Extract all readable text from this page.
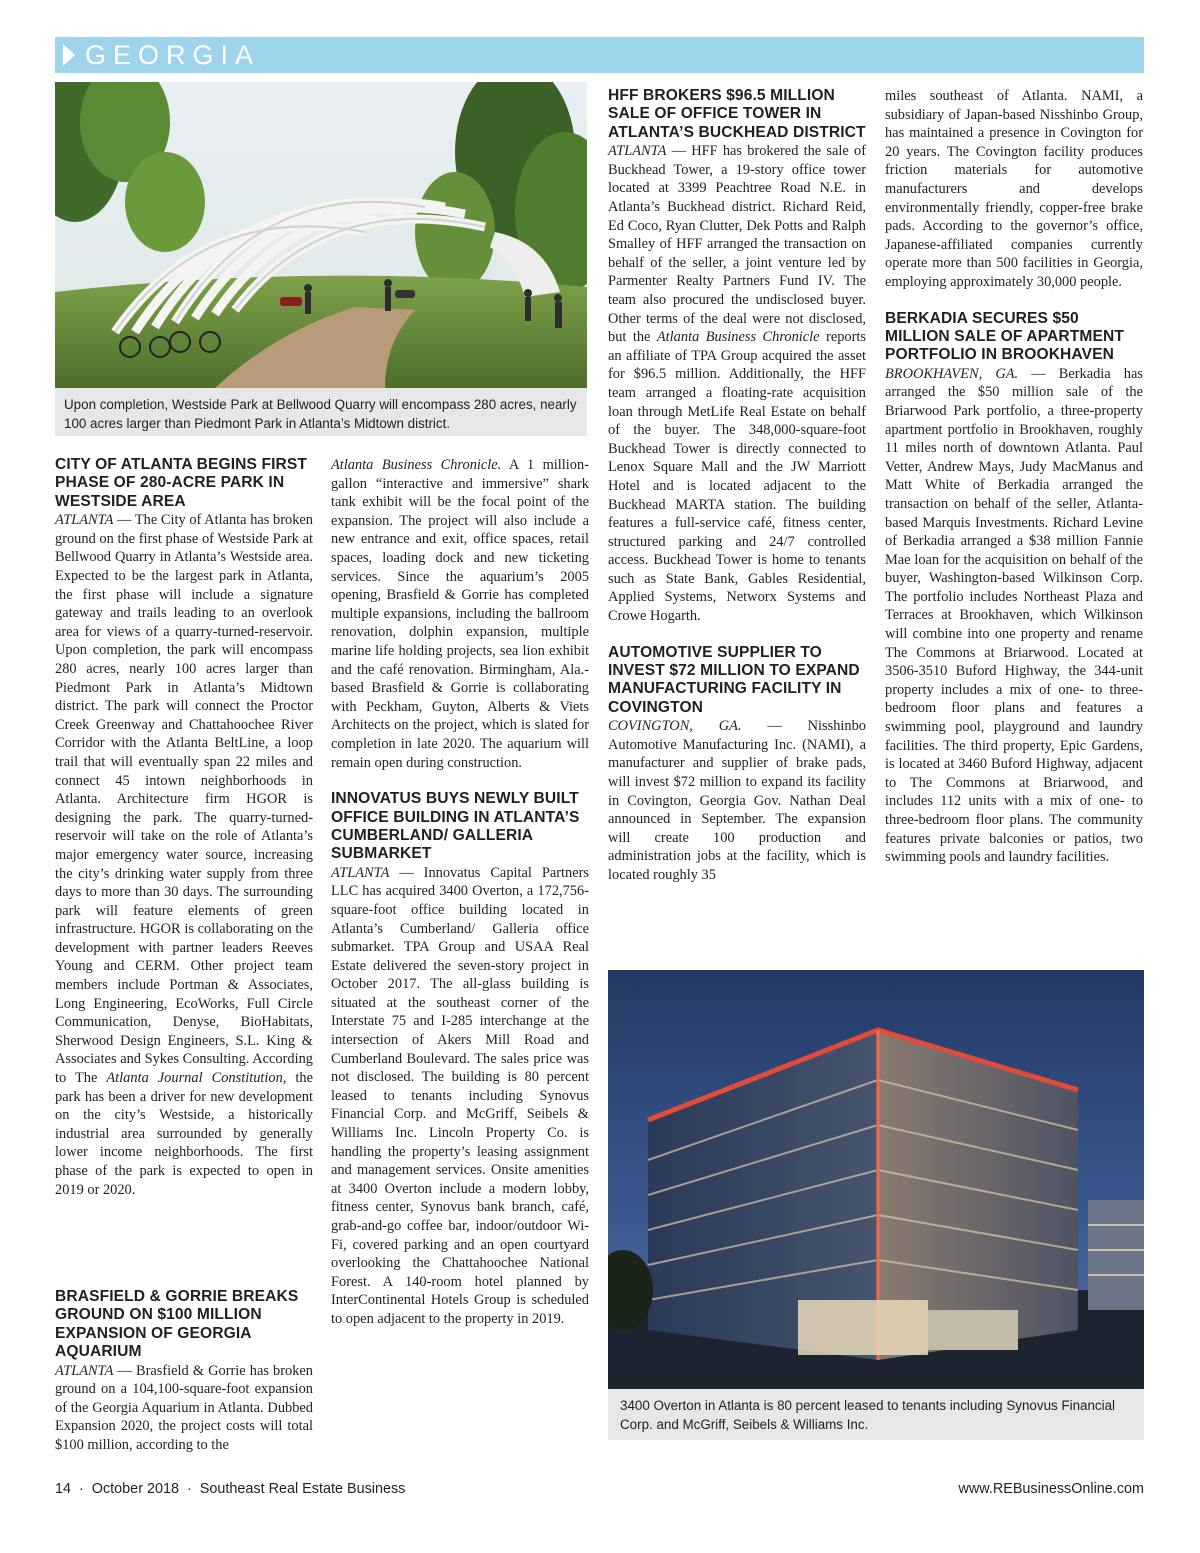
GEORGIA
Upon completion, Westside Park at Bellwood Quarry will encompass 280 acres, nearly 100 acres larger than Piedmont Park in Atlanta’s Midtown district.
CITY OF ATLANTA BEGINS FIRST PHASE OF 280-ACRE PARK IN WESTSIDE AREA

ATLANTA — The City of Atlanta has broken ground on the first phase of Westside Park at Bellwood Quarry in Atlanta’s Westside area. Expected to be the largest park in Atlanta, the first phase will include a signature gateway and trails leading to an overlook area for views of a quarry-turned-reservoir. Upon completion, the park will encompass 280 acres, nearly 100 acres larger than Piedmont Park in Atlanta’s Midtown district. The park will connect the Proctor Creek Greenway and Chattahoochee River Corridor with the Atlanta BeltLine, a loop trail that will eventually span 22 miles and connect 45 intown neighborhoods in Atlanta. Architecture firm HGOR is designing the park. The quarry-turned-reservoir will take on the role of Atlanta’s major emergency water source, increasing the city’s drinking water supply from three days to more than 30 days. The surrounding park will feature elements of green infrastructure. HGOR is collaborating on the development with partner leaders Reeves Young and CERM. Other project team members include Portman & Associates, Long Engineering, EcoWorks, Full Circle Communication, Denyse, BioHabitats, Sherwood Design Engineers, S.L. King & Associates and Sykes Consulting. According to The Atlanta Journal Constitution, the park has been a driver for new development on the city’s Westside, a historically industrial area surrounded by generally lower income neighborhoods. The first phase of the park is expected to open in 2019 or 2020.

BRASFIELD & GORRIE BREAKS GROUND ON $100 MILLION EXPANSION OF GEORGIA AQUARIUM

ATLANTA — Brasfield & Gorrie has broken ground on a 104,100-square-foot expansion of the Georgia Aquarium in Atlanta. Dubbed Expansion 2020, the project costs will total $100 million, according to the

Atlanta Business Chronicle. A 1 million-gallon “interactive and immersive” shark tank exhibit will be the focal point of the expansion. The project will also include a new entrance and exit, office spaces, retail spaces, loading dock and new ticketing services. Since the aquarium’s 2005 opening, Brasfield & Gorrie has completed multiple expansions, including the ballroom renovation, dolphin expansion, multiple marine life holding projects, sea lion exhibit and the café renovation. Birmingham, Ala.-based Brasfield & Gorrie is collaborating with Peckham, Guyton, Alberts & Viets Architects on the project, which is slated for completion in late 2020. The aquarium will remain open during construction.

INNOVATUS BUYS NEWLY BUILT OFFICE BUILDING IN ATLANTA’S CUMBERLAND/ GALLERIA SUBMARKET

ATLANTA — Innovatus Capital Partners LLC has acquired 3400 Overton, a 172,756-square-foot office building located in Atlanta’s Cumberland/ Galleria office submarket. TPA Group and USAA Real Estate delivered the seven-story project in October 2017. The all-glass building is situated at the southeast corner of the Interstate 75 and I-285 interchange at the intersection of Akers Mill Road and Cumberland Boulevard. The sales price was not disclosed. The building is 80 percent leased to tenants including Synovus Financial Corp. and McGriff, Seibels & Williams Inc. Lincoln Property Co. is handling the property’s leasing assignment and management services. Onsite amenities at 3400 Overton include a modern lobby, fitness center, Synovus bank branch, café, grab-and-go coffee bar, indoor/outdoor Wi-Fi, covered parking and an open courtyard overlooking the Chattahoochee National Forest. A 140-room hotel planned by InterContinental Hotels Group is scheduled to open adjacent to the property in 2019.

HFF BROKERS $96.5 MILLION SALE OF OFFICE TOWER IN ATLANTA’S BUCKHEAD DISTRICT

ATLANTA — HFF has brokered the sale of Buckhead Tower, a 19-story office tower located at 3399 Peachtree Road N.E. in Atlanta’s Buckhead district. Richard Reid, Ed Coco, Ryan Clutter, Dek Potts and Ralph Smalley of HFF arranged the transaction on behalf of the seller, a joint venture led by Parmenter Realty Partners Fund IV. The team also procured the undisclosed buyer. Other terms of the deal were not disclosed, but the Atlanta Business Chronicle reports an affiliate of TPA Group acquired the asset for $96.5 million. Additionally, the HFF team arranged a floating-rate acquisition loan through MetLife Real Estate on behalf of the buyer. The 348,000-square-foot Buckhead Tower is directly connected to Lenox Square Mall and the JW Marriott Hotel and is located adjacent to the Buckhead MARTA station. The building features a full-service café, fitness center, structured parking and 24/7 controlled access. Buckhead Tower is home to tenants such as State Bank, Gables Residential, Applied Systems, Networx Systems and Crowe Hogarth.

AUTOMOTIVE SUPPLIER TO INVEST $72 MILLION TO EXPAND MANUFACTURING FACILITY IN COVINGTON

COVINGTON, GA. — Nisshinbo Automotive Manufacturing Inc. (NAMI), a manufacturer and supplier of brake pads, will invest $72 million to expand its facility in Covington, Georgia Gov. Nathan Deal announced in September. The expansion will create 100 production and administration jobs at the facility, which is located roughly 35

miles southeast of Atlanta. NAMI, a subsidiary of Japan-based Nisshinbo Group, has maintained a presence in Covington for 20 years. The Covington facility produces friction materials for automotive manufacturers and develops environmentally friendly, copper-free brake pads. According to the governor’s office, Japanese-affiliated companies currently operate more than 500 facilities in Georgia, employing approximately 30,000 people.

BERKADIA SECURES $50 MILLION SALE OF APARTMENT PORTFOLIO IN BROOKHAVEN

BROOKHAVEN, GA. — Berkadia has arranged the $50 million sale of the Briarwood Park portfolio, a three-property apartment portfolio in Brookhaven, roughly 11 miles north of downtown Atlanta. Paul Vetter, Andrew Mays, Judy MacManus and Matt White of Berkadia arranged the transaction on behalf of the seller, Atlanta-based Marquis Investments. Richard Levine of Berkadia arranged a $38 million Fannie Mae loan for the acquisition on behalf of the buyer, Washington-based Wilkinson Corp. The portfolio includes Northeast Plaza and Terraces at Brookhaven, which Wilkinson will combine into one property and rename The Commons at Briarwood. Located at 3506-3510 Buford Highway, the 344-unit property includes a mix of one- to three-bedroom floor plans and features a swimming pool, playground and laundry facilities. The third property, Epic Gardens, is located at 3460 Buford Highway, adjacent to The Commons at Briarwood, and includes 112 units with a mix of one- to three-bedroom floor plans. The community features private balconies or patios, two swimming pools and laundry facilities.

3400 Overton in Atlanta is 80 percent leased to tenants including Synovus Financial Corp. and McGriff, Seibels & Williams Inc.
14  ·  October 2018  ·  Southeast Real Estate Business	www.REBusinessOnline.com
